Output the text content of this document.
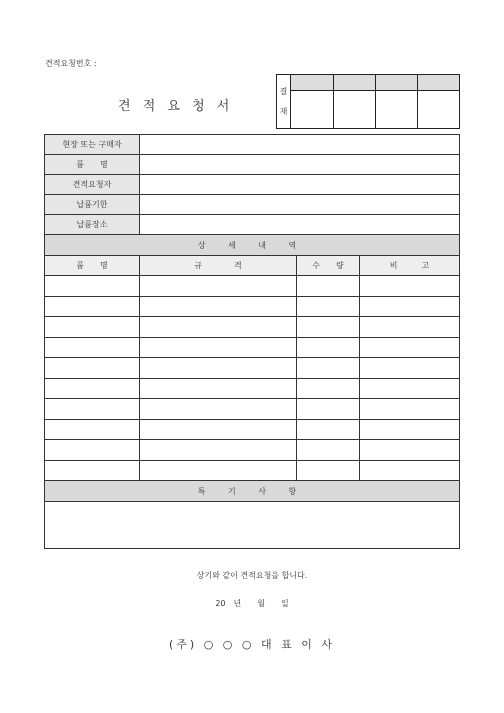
견적요청번호 :
견 적 요 청 서
결
재				

현장 또는 구매자			
품　　명			
견적요청자			
납품기한			
납품장소			
상 세 내 역			
품　　명	규　　　　격	수　　량	비　　　고

특 기 사 항			

상기와 같이 견적요청을 합니다.
20　년　　월　　일
(주) ○ ○ ○ 대 표 이 사
